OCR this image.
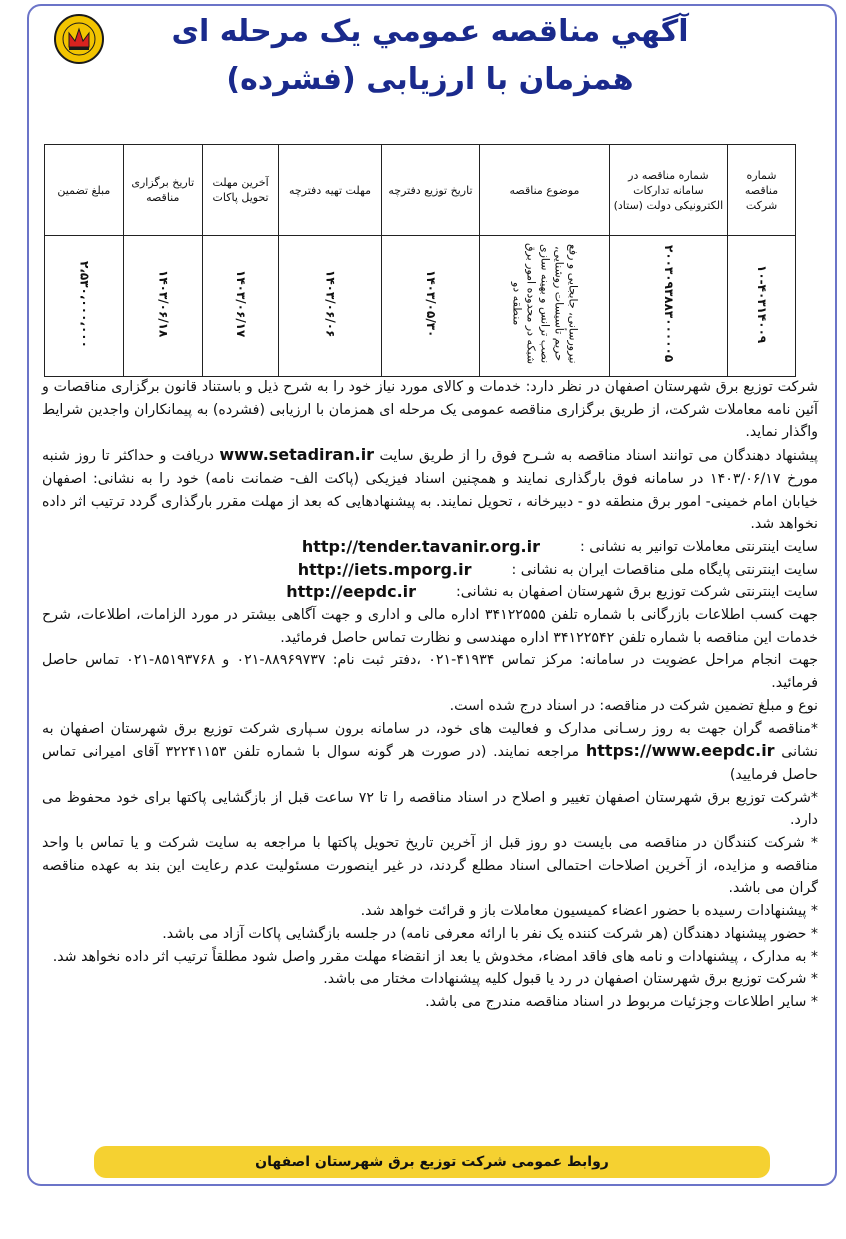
آگهي مناقصه عمومي يک مرحله ای
همزمان با ارزیابی (فشرده)
شماره مناقصه شرکت	شماره مناقصه در سامانه تدارکات الکترونیکی دولت (ستاد)	موضوع مناقصه	تاریخ توزیع دفترچه	مهلت تهیه دفترچه	آخرین مهلت تحویل پاکات	تاریخ برگزاری مناقصه	مبلغ تضمین
۱۰-۴۰۳۱۴۰۰۹	۲۰۰۳۰۹۳۸۸۳۰۰۰۰۰۵	نیرورسانی، جابجایی و رفع حریم تأسیسات روشنایی، نصب ترانس و بهینه سازی شبکه در محدوده امور برق منطقه دو	۱۴۰۳/۰۵/۳۰	۱۴۰۳/۰۶/۰۶	۱۴۰۳/۰۶/۱۷	۱۴۰۳/۰۶/۱۸	۲،۵۳۰،۰۰۰،۰۰۰

شرکت توزیع برق شهرستان اصفهان در نظر دارد: خدمات و کالای مورد نیاز خود را به شرح ذیل و باستناد قانون برگزاری مناقصات و آئین نامه معاملات شرکت، از طریق برگزاری مناقصه عمومی یک مرحله ای همزمان با ارزیابی (فشرده) به پیمانکاران واجدین شرایط واگذار نماید.

پیشنهاد دهندگان می توانند اسناد مناقصه به شـرح فوق را از طریق سایت www.setadiran.ir دریافت و حداکثر تا روز شنبه مورخ ۱۴۰۳/۰۶/۱۷ در سامانه فوق بارگذاری نمایند و همچنین اسناد فیزیکی (پاکت الف- ضمانت نامه) خود را به نشانی: اصفهان خیابان امام خمینی- امور برق منطقه دو - دبیرخانه ، تحویل نمایند. به پیشنهادهایی که بعد از مهلت مقرر بارگذاری گردد ترتیب اثر داده نخواهد شد.

سایت اینترنتی معاملات توانیر به نشانی :
http://tender.tavanir.org.ir

سایت اینترنتی پایگاه ملی مناقصات ایران به نشانی :
http://iets.mporg.ir

سایت اینترنتی شرکت توزیع برق شهرستان اصفهان به نشانی:
http://eepdc.ir

جهت کسب اطلاعات بازرگانی با شماره تلفن ۳۴۱۲۲۵۵۵ اداره مالی و اداری و جهت آگاهی بیشتر در مورد الزامات، اطلاعات، شرح خدمات این مناقصه با شماره تلفن ۳۴۱۲۲۵۴۲ اداره مهندسی و نظارت تماس حاصل فرمائید.

جهت انجام مراحل عضویت در سامانه: مرکز تماس ۴۱۹۳۴-۰۲۱ ،دفتر ثبت نام: ۸۸۹۶۹۷۳۷-۰۲۱ و ۸۵۱۹۳۷۶۸-۰۲۱ تماس حاصل فرمائید.

نوع و مبلغ تضمین شرکت در مناقصه: در اسناد درج شده است.

*مناقصه گران جهت به روز رسـانی مدارک و فعالیت های خود، در سامانه برون سـپاری شرکت توزیع برق شهرستان اصفهان به نشانی https://www.eepdc.ir مراجعه نمایند. (در صورت هر گونه سوال با شماره تلفن ۳۲۲۴۱۱۵۳ آقای امیرانی تماس حاصل فرمایید)

*شرکت توزیع برق شهرستان اصفهان تغییر و اصلاح در اسناد مناقصه را تا ۷۲ ساعت قبل از بازگشایی پاکتها برای خود محفوظ می دارد.

* شرکت کنندگان در مناقصه می بایست دو روز قبل از آخرین تاریخ تحویل پاکتها با مراجعه به سایت شرکت و یا تماس با واحد مناقصه و مزایده، از آخرین اصلاحات احتمالی اسناد مطلع گردند، در غیر اینصورت مسئولیت عدم رعایت این بند به عهده مناقصه گران می باشد.

* پیشنهادات رسیده با حضور اعضاء کمیسیون معاملات باز و قرائت خواهد شد.

* حضور پیشنهاد دهندگان (هر شرکت کننده یک نفر با ارائه معرفی نامه) در جلسه بازگشایی پاکات آزاد می باشد.

* به مدارک ، پیشنهادات و نامه های فاقد امضاء، مخدوش یا بعد از انقضاء مهلت مقرر واصل شود مطلقاً ترتیب اثر داده نخواهد شد.

* شرکت توزیع برق شهرستان اصفهان در رد یا قبول کلیه پیشنهادات مختار می باشد.

* سایر اطلاعات وجزئیات مربوط در اسناد مناقصه مندرج می باشد.

روابط عمومی شرکت توزیع برق شهرستان اصفهان
